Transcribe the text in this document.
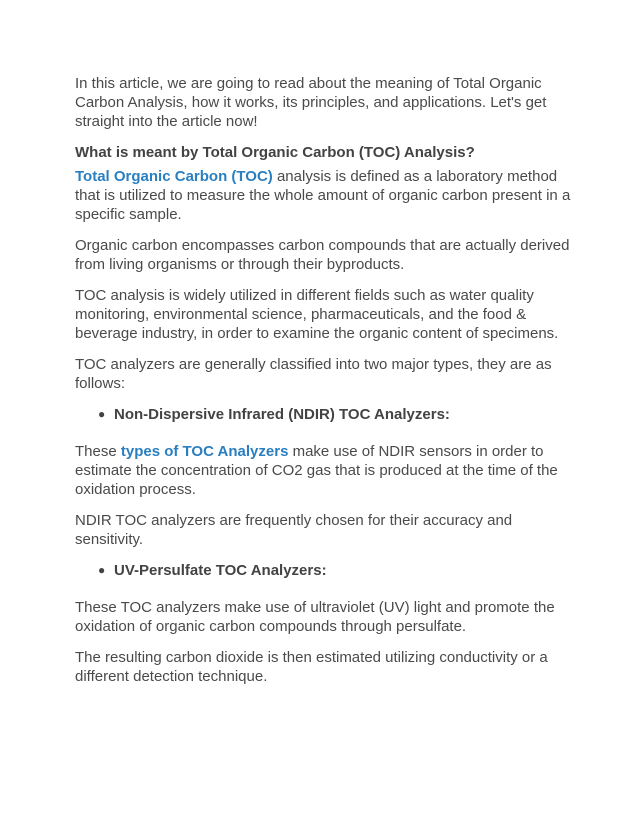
In this article, we are going to read about the meaning of Total Organic Carbon Analysis, how it works, its principles, and applications. Let's get straight into the article now!

What is meant by Total Organic Carbon (TOC) Analysis?

Total Organic Carbon (TOC) analysis is defined as a laboratory method that is utilized to measure the whole amount of organic carbon present in a specific sample.

Organic carbon encompasses carbon compounds that are actually derived from living organisms or through their byproducts.

TOC analysis is widely utilized in different fields such as water quality monitoring, environmental science, pharmaceuticals, and the food & beverage industry, in order to examine the organic content of specimens.

TOC analyzers are generally classified into two major types, they are as follows:

● Non-Dispersive Infrared (NDIR) TOC Analyzers:

These types of TOC Analyzers make use of NDIR sensors in order to estimate the concentration of CO2 gas that is produced at the time of the oxidation process.

NDIR TOC analyzers are frequently chosen for their accuracy and sensitivity.

● UV-Persulfate TOC Analyzers:

These TOC analyzers make use of ultraviolet (UV) light and promote the oxidation of organic carbon compounds through persulfate.

The resulting carbon dioxide is then estimated utilizing conductivity or a different detection technique.
